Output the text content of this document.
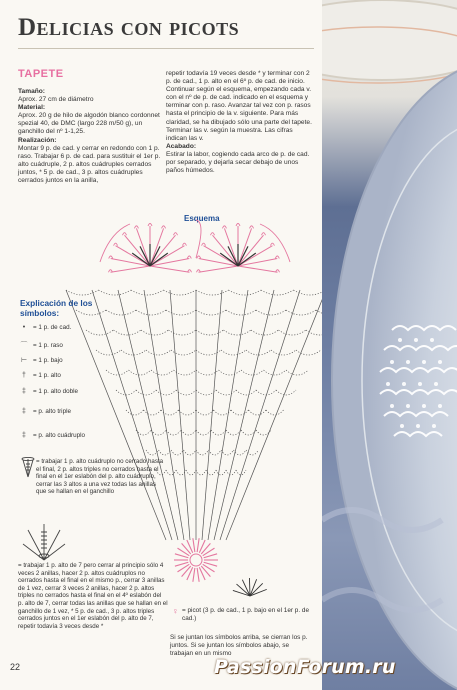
Delicias con picots
TAPETE

Tamaño:

Aprox. 27 cm de diámetro

Material:

Aprox. 20 g de hilo de algodón blanco cordonnet spezial 40, de DMC (largo 228 m/50 g), un ganchillo del nº 1-1,25.

Realización:

Montar 9 p. de cad. y cerrar en redondo con 1 p. raso. Trabajar 6 p. de cad. para sustituir el 1er p. alto cuádruple, 2 p. altos cuádruples cerrados juntos, * 5 p. de cad., 3 p. altos cuádruples cerrados juntos en la anilla,

repetir todavía 19 veces desde * y terminar con 2 p. de cad., 1 p. alto en el 6º p. de cad. de inicio. Continuar según el esquema, empezando cada v. con el nº de p. de cad. indicado en el esquema y terminar con p. raso. Avanzar tal vez con p. rasos hasta el principio de la v. siguiente. Para más claridad, se ha dibujado sólo una parte del tapete. Terminar las v. según la muestra. Las cifras indican las v.

Acabado:

Estirar la labor, cogiendo cada arco de p. de cad. por separado, y dejarla secar debajo de unos paños húmedos.

Esquema
Explicación de los símbolos:
•	= 1 p. de cad.
⌒ = 1 p. raso
⊢ = 1 p. bajo
†	= 1 p. alto
‡	= 1 p. alto doble
‡	= p. alto triple
‡	= p. alto cuádruplo
= trabajar 1 p. alto cuádruplo no cerrado hasta el final, 2 p. altos triples no cerrados hasta el final en el 1er eslabón del p. alto cuádruplo, cerrar las 3 altos a una vez todas las anillas que se hallan en el ganchillo
= trabajar 1 p. alto de 7 pero cerrar al principio sólo 4 veces 2 anillas, hacer 2 p. altos cuádruplos no cerrados hasta el final en el mismo p., cerrar 3 anillas de 1 vez, cerrar 3 veces 2 anillas, hacer 2 p. altos triples no cerrados hasta el final en el 4º eslabón del p. alto de 7, cerrar todas las anillas que se hallan en el ganchillo de 1 vez, * 5 p. de cad., 3 p. altos triples cerrados juntos en el 1er eslabón del p. alto de 7, repetir todavía 3 veces desde *
♀ = picot (3 p. de cad., 1 p. bajo en el 1er p. de cad.)
Si se juntan los símbolos arriba, se cierran los p. juntos. Si se juntan los símbolos abajo, se trabajan en un mismo
22	PassionForum.ru
